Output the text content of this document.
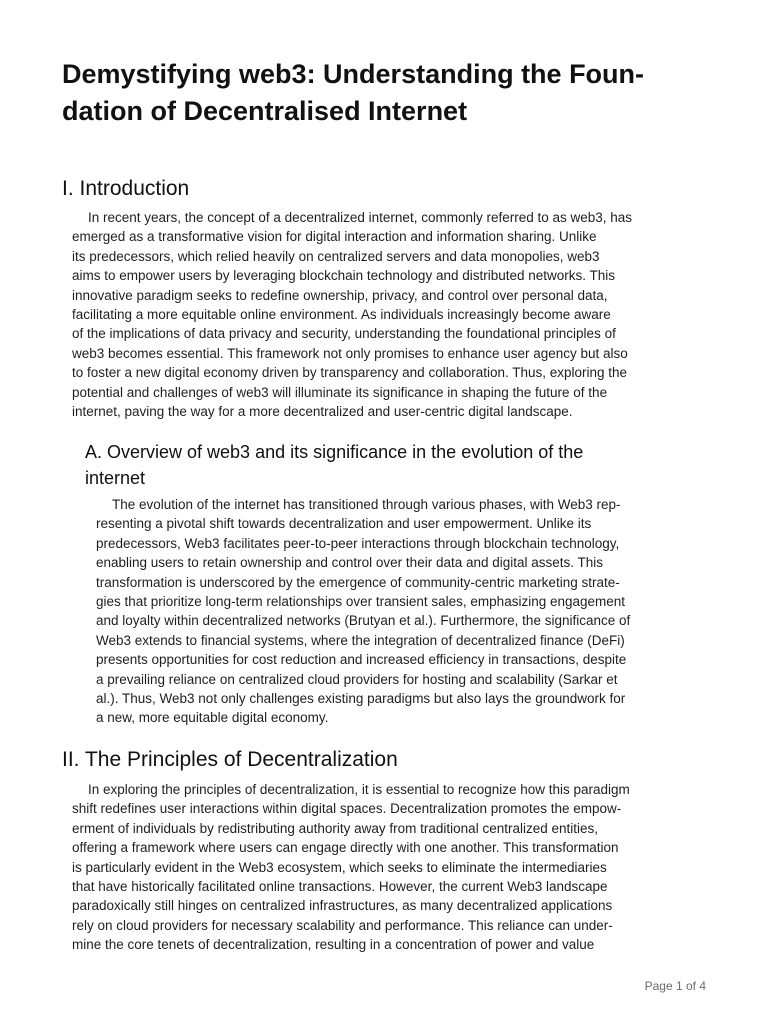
Demystifying web3: Understanding the Foun-
dation of Decentralised Internet
I. Introduction
In recent years, the concept of a decentralized internet, commonly referred to as web3, has
emerged as a transformative vision for digital interaction and information sharing. Unlike
its predecessors, which relied heavily on centralized servers and data monopolies, web3
aims to empower users by leveraging blockchain technology and distributed networks. This
innovative paradigm seeks to redefine ownership, privacy, and control over personal data,
facilitating a more equitable online environment. As individuals increasingly become aware
of the implications of data privacy and security, understanding the foundational principles of
web3 becomes essential. This framework not only promises to enhance user agency but also
to foster a new digital economy driven by transparency and collaboration. Thus, exploring the
potential and challenges of web3 will illuminate its significance in shaping the future of the
internet, paving the way for a more decentralized and user-centric digital landscape.
A. Overview of web3 and its significance in the evolution of the
internet
The evolution of the internet has transitioned through various phases, with Web3 rep-
resenting a pivotal shift towards decentralization and user empowerment. Unlike its
predecessors, Web3 facilitates peer-to-peer interactions through blockchain technology,
enabling users to retain ownership and control over their data and digital assets. This
transformation is underscored by the emergence of community-centric marketing strate-
gies that prioritize long-term relationships over transient sales, emphasizing engagement
and loyalty within decentralized networks (Brutyan et al.). Furthermore, the significance of
Web3 extends to financial systems, where the integration of decentralized finance (DeFi)
presents opportunities for cost reduction and increased efficiency in transactions, despite
a prevailing reliance on centralized cloud providers for hosting and scalability (Sarkar et
al.). Thus, Web3 not only challenges existing paradigms but also lays the groundwork for
a new, more equitable digital economy.
II. The Principles of Decentralization
In exploring the principles of decentralization, it is essential to recognize how this paradigm
shift redefines user interactions within digital spaces. Decentralization promotes the empow-
erment of individuals by redistributing authority away from traditional centralized entities,
offering a framework where users can engage directly with one another. This transformation
is particularly evident in the Web3 ecosystem, which seeks to eliminate the intermediaries
that have historically facilitated online transactions. However, the current Web3 landscape
paradoxically still hinges on centralized infrastructures, as many decentralized applications
rely on cloud providers for necessary scalability and performance. This reliance can under-
mine the core tenets of decentralization, resulting in a concentration of power and value
Page 1 of 4
